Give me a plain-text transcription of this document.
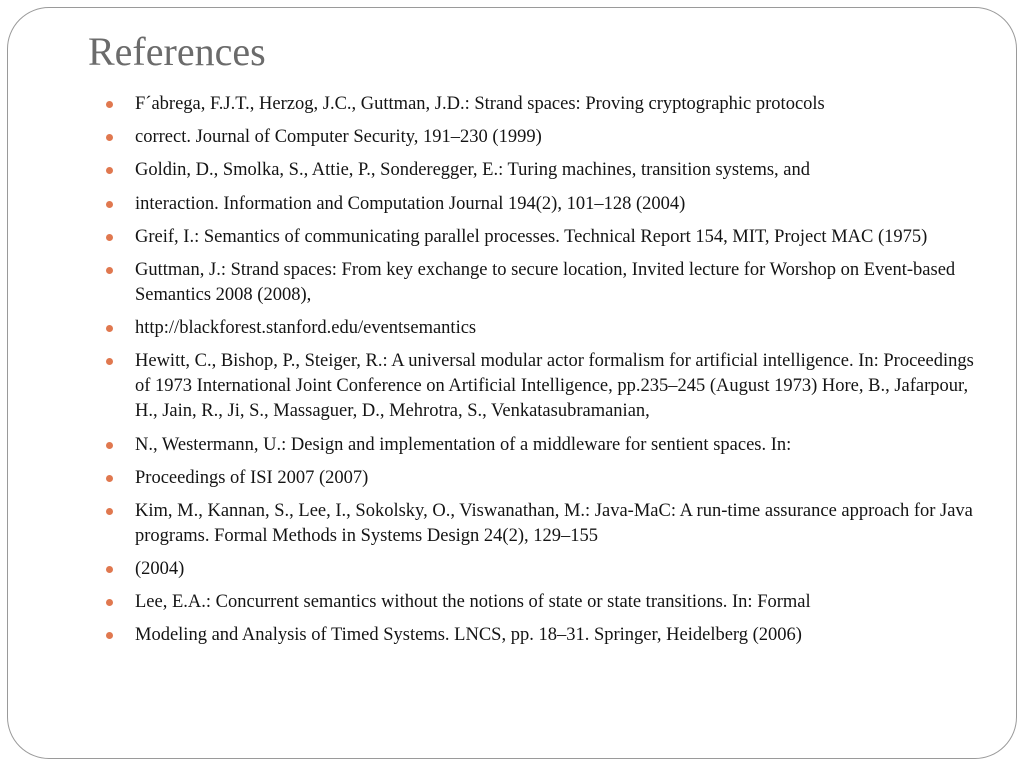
References
F´abrega, F.J.T., Herzog, J.C., Guttman, J.D.: Strand spaces: Proving cryptographic protocols
correct. Journal of Computer Security, 191–230 (1999)
Goldin, D., Smolka, S., Attie, P., Sonderegger, E.: Turing machines, transition systems, and
interaction. Information and Computation Journal 194(2), 101–128 (2004)
Greif, I.: Semantics of communicating parallel processes. Technical Report 154, MIT, Project MAC (1975)
Guttman, J.: Strand spaces: From key exchange to secure location, Invited lecture for Worshop on Event-based Semantics 2008 (2008),
http://blackforest.stanford.edu/eventsemantics
Hewitt, C., Bishop, P., Steiger, R.: A universal modular actor formalism for artificial intelligence. In: Proceedings of 1973 International Joint Conference on Artificial Intelligence, pp.235–245 (August 1973) Hore, B., Jafarpour, H., Jain, R., Ji, S., Massaguer, D., Mehrotra, S., Venkatasubramanian,
N., Westermann, U.: Design and implementation of a middleware for sentient spaces. In:
Proceedings of ISI 2007 (2007)
Kim, M., Kannan, S., Lee, I., Sokolsky, O., Viswanathan, M.: Java-MaC: A run-time assurance approach for Java programs. Formal Methods in Systems Design 24(2), 129–155
(2004)
Lee, E.A.: Concurrent semantics without the notions of state or state transitions. In: Formal
Modeling and Analysis of Timed Systems. LNCS, pp. 18–31. Springer, Heidelberg (2006)
